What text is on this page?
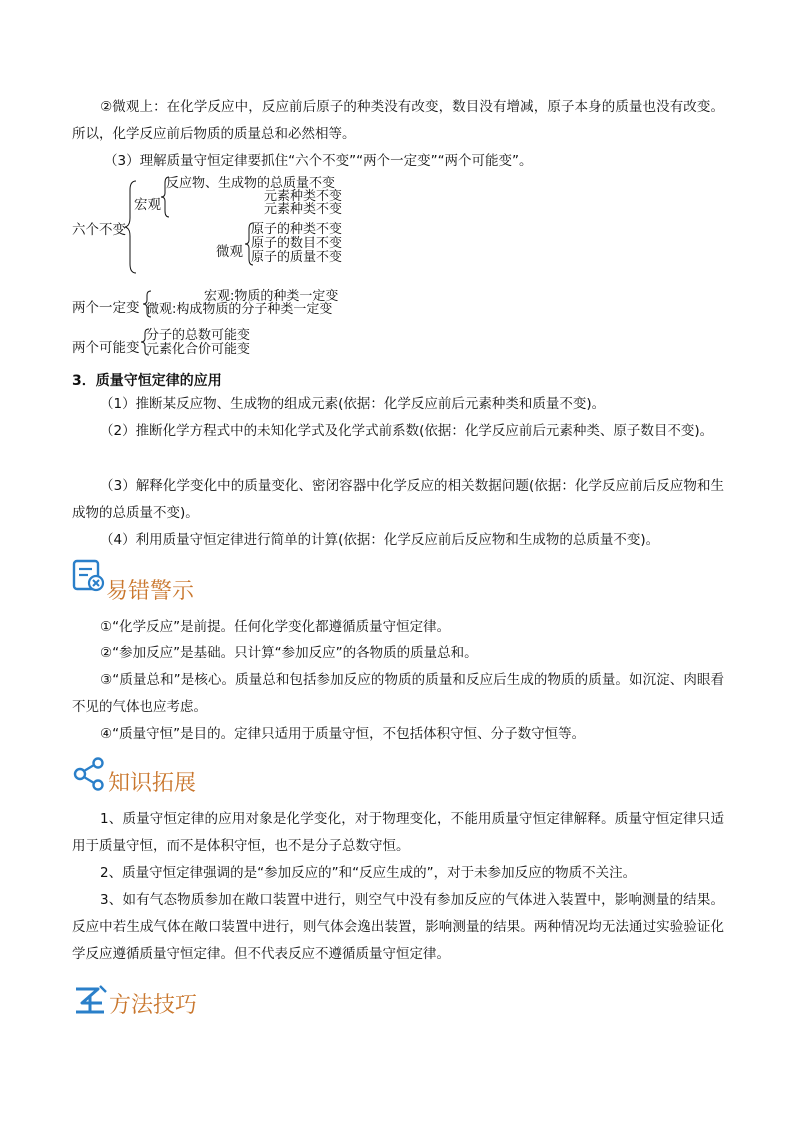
②微观上：在化学反应中，反应前后原子的种类没有改变，数目没有增减，原子本身的质量也没有改变。所以，化学反应前后物质的质量总和必然相等。
（3）理解质量守恒定律要抓住“六个不变”“两个一定变”“两个可能变”。
六个不变
宏观
反应物、生成物的总质量不变
元素种类不变
元素种类不变
微观
原子的种类不变
原子的数目不变
原子的质量不变
两个一定变
宏观:物质的种类一定变
微观:构成物质的分子种类一定变
两个可能变
分子的总数可能变
元素化合价可能变
3．质量守恒定律的应用
（1）推断某反应物、生成物的组成元素(依据：化学反应前后元素种类和质量不变)。
（2）推断化学方程式中的未知化学式及化学式前系数(依据：化学反应前后元素种类、原子数目不变)。
（3）解释化学变化中的质量变化、密闭容器中化学反应的相关数据问题(依据：化学反应前后反应物和生成物的总质量不变)。
（4）利用质量守恒定律进行简单的计算(依据：化学反应前后反应物和生成物的总质量不变)。
易错警示
①“化学反应”是前提。任何化学变化都遵循质量守恒定律。
②“参加反应”是基础。只计算“参加反应”的各物质的质量总和。
③“质量总和”是核心。质量总和包括参加反应的物质的质量和反应后生成的物质的质量。如沉淀、肉眼看不见的气体也应考虑。
④“质量守恒”是目的。定律只适用于质量守恒，不包括体积守恒、分子数守恒等。
知识拓展
1、质量守恒定律的应用对象是化学变化，对于物理变化，不能用质量守恒定律解释。质量守恒定律只适用于质量守恒，而不是体积守恒，也不是分子总数守恒。
2、质量守恒定律强调的是“参加反应的”和“反应生成的”，对于未参加反应的物质不关注。
3、如有气态物质参加在敞口装置中进行，则空气中没有参加反应的气体进入装置中，影响测量的结果。反应中若生成气体在敞口装置中进行，则气体会逸出装置，影响测量的结果。两种情况均无法通过实验验证化学反应遵循质量守恒定律。但不代表反应不遵循质量守恒定律。
方法技巧
